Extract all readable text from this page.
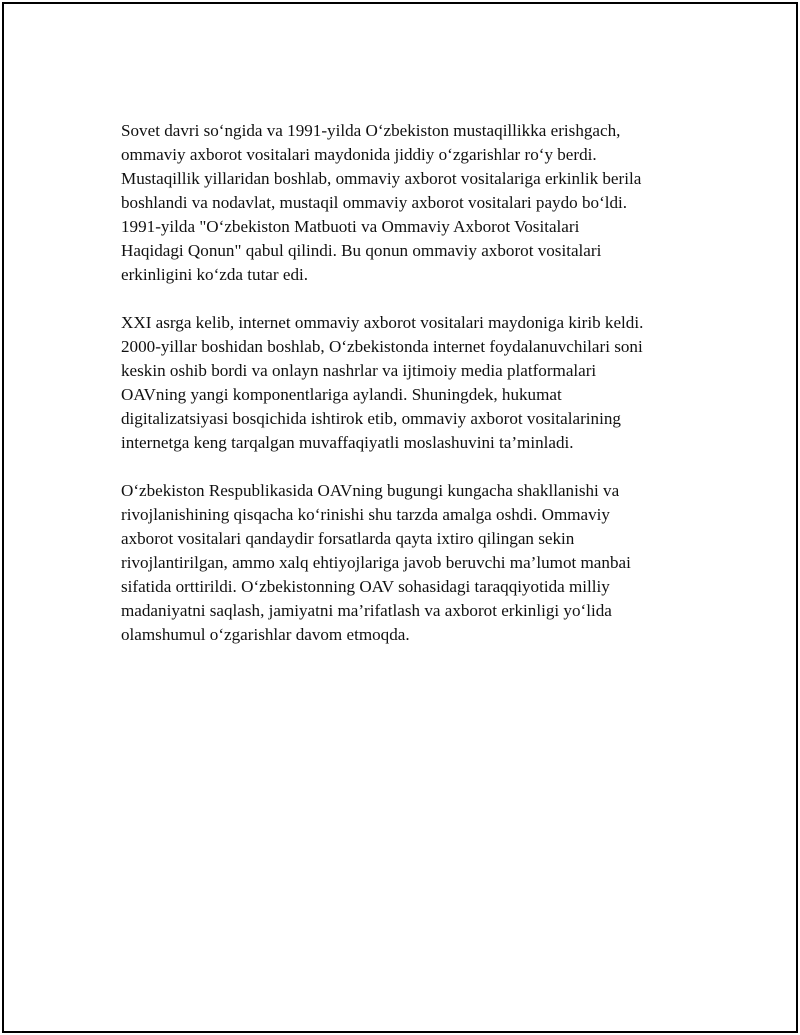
Sovet davri so‘ngida va 1991-yilda O‘zbekiston mustaqillikka erishgach,
ommaviy axborot vositalari maydonida jiddiy o‘zgarishlar ro‘y berdi.
Mustaqillik yillaridan boshlab, ommaviy axborot vositalariga erkinlik berila
boshlandi va nodavlat, mustaqil ommaviy axborot vositalari paydo bo‘ldi.
1991-yilda "O‘zbekiston Matbuoti va Ommaviy Axborot Vositalari
Haqidagi Qonun" qabul qilindi. Bu qonun ommaviy axborot vositalari
erkinligini ko‘zda tutar edi.

XXI asrga kelib, internet ommaviy axborot vositalari maydoniga kirib keldi.
2000-yillar boshidan boshlab, O‘zbekistonda internet foydalanuvchilari soni
keskin oshib bordi va onlayn nashrlar va ijtimoiy media platformalari
OAVning yangi komponentlariga aylandi. Shuningdek, hukumat
digitalizatsiyasi bosqichida ishtirok etib, ommaviy axborot vositalarining
internetga keng tarqalgan muvaffaqiyatli moslashuvini ta’minladi.

O‘zbekiston Respublikasida OAVning bugungi kungacha shakllanishi va
rivojlanishining qisqacha ko‘rinishi shu tarzda amalga oshdi. Ommaviy
axborot vositalari qandaydir forsatlarda qayta ixtiro qilingan sekin
rivojlantirilgan, ammo xalq ehtiyojlariga javob beruvchi ma’lumot manbai
sifatida orttirildi. O‘zbekistonning OAV sohasidagi taraqqiyotida milliy
madaniyatni saqlash, jamiyatni ma’rifatlash va axborot erkinligi yo‘lida
olamshumul o‘zgarishlar davom etmoqda.
